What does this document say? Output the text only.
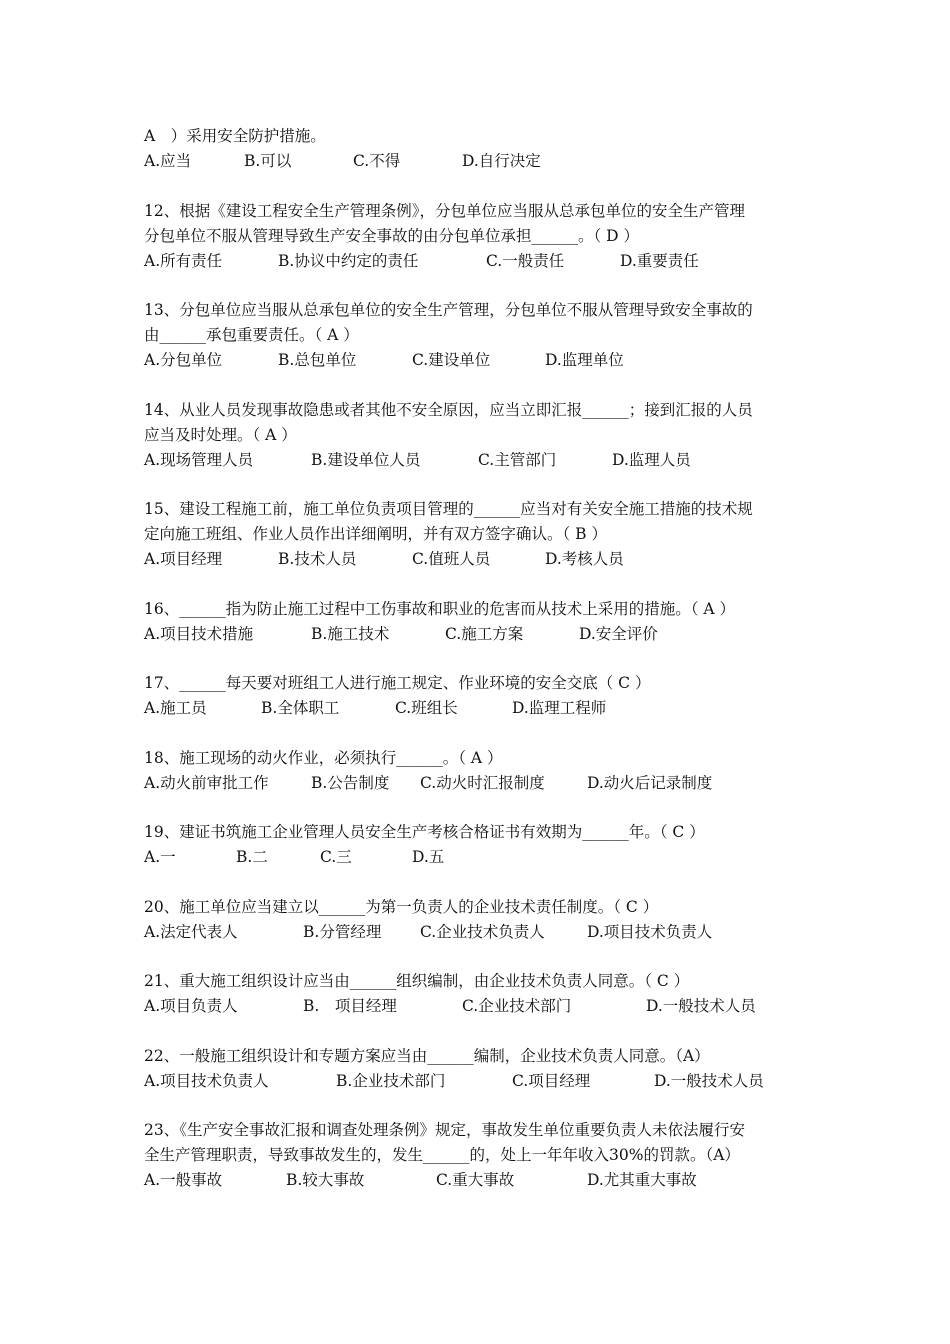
A　）采用安全防护措施。
A.应当	B.可以	C.不得	D.自行决定
12、根据《建设工程安全生产管理条例》，分包单位应当服从总承包单位的安全生产管理
分包单位不服从管理导致生产安全事故的由分包单位承担______。（ D ）
A.所有责任	B.协议中约定的责任	C.一般责任	D.重要责任
13、分包单位应当服从总承包单位的安全生产管理，分包单位不服从管理导致安全事故的
由______承包重要责任。（ A ）
A.分包单位	B.总包单位	C.建设单位	D.监理单位
14、从业人员发现事故隐患或者其他不安全原因，应当立即汇报______；接到汇报的人员
应当及时处理。（ A ）
A.现场管理人员	B.建设单位人员	C.主管部门	D.监理人员
15、建设工程施工前，施工单位负责项目管理的______应当对有关安全施工措施的技术规
定向施工班组、作业人员作出详细阐明，并有双方签字确认。（ B ）
A.项目经理	B.技术人员	C.值班人员	D.考核人员
16、______指为防止施工过程中工伤事故和职业的危害而从技术上采用的措施。（ A ）
A.项目技术措施	B.施工技术	C.施工方案	D.安全评价
17、______每天要对班组工人进行施工规定、作业环境的安全交底（ C ）
A.施工员	B.全体职工	C.班组长	D.监理工程师
18、施工现场的动火作业，必须执行______。（ A ）
A.动火前审批工作	B.公告制度 C.动火时汇报制度	D.动火后记录制度
19、建证书筑施工企业管理人员安全生产考核合格证书有效期为______年。（ C ）
A.一	B.二	C.三	D.五
20、施工单位应当建立以______为第一负责人的企业技术责任制度。（ C ）
A.法定代表人	B.分管经理 C.企业技术负责人	D.项目技术负责人
21、重大施工组织设计应当由______组织编制，由企业技术负责人同意。（ C ）
A.项目负责人	B.　项目经理	C.企业技术部门	D.一般技术人员
22、一般施工组织设计和专题方案应当由______编制，企业技术负责人同意。（A）
A.项目技术负责人	B.企业技术部门	C.项目经理	D.一般技术人员
23、《生产安全事故汇报和调查处理条例》规定，事故发生单位重要负责人未依法履行安
全生产管理职责，导致事故发生的，发生______的，处上一年年收入30%的罚款。（A）
A.一般事故	B.较大事故	C.重大事故	D.尤其重大事故
